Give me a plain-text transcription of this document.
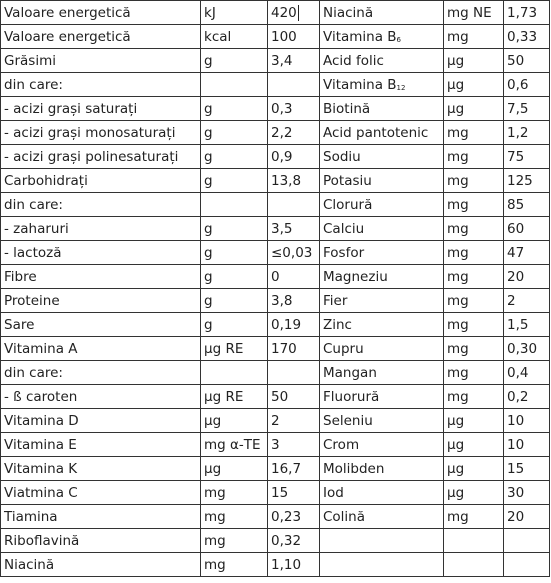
Valoare energetică	kJ	420	Niacină	mg NE	1,73
Valoare energetică	kcal	100	Vitamina $B_6$	mg	0,33
Grăsimi	g	3,4	Acid folic	μg	50
din care:			Vitamina $B_{12}$	μg	0,6
- acizi grași saturați	g	0,3	Biotină	μg	7,5
- acizi grași monosaturați	g	2,2	Acid pantotenic	mg	1,2
- acizi grași polinesaturați	g	0,9	Sodiu	mg	75
Carbohidrați	g	13,8	Potasiu	mg	125
din care:			Clorură	mg	85
- zaharuri	g	3,5	Calciu	mg	60
- lactoză	g	≤0,03	Fosfor	mg	47
Fibre	g	0	Magneziu	mg	20
Proteine	g	3,8	Fier	mg	2
Sare	g	0,19	Zinc	mg	1,5
Vitamina A	μg RE	170	Cupru	mg	0,30
din care:			Mangan	mg	0,4
- ß caroten	μg RE	50	Fluorură	mg	0,2
Vitamina D	μg	2	Seleniu	μg	10
Vitamina E	mg α-TE	3	Crom	μg	10
Vitamina K	μg	16,7	Molibden	μg	15
Viatmina C	mg	15	Iod	μg	30
Tiamina	mg	0,23	Colină	mg	20
Riboflavină	mg	0,32			
Niacină	mg	1,10			
